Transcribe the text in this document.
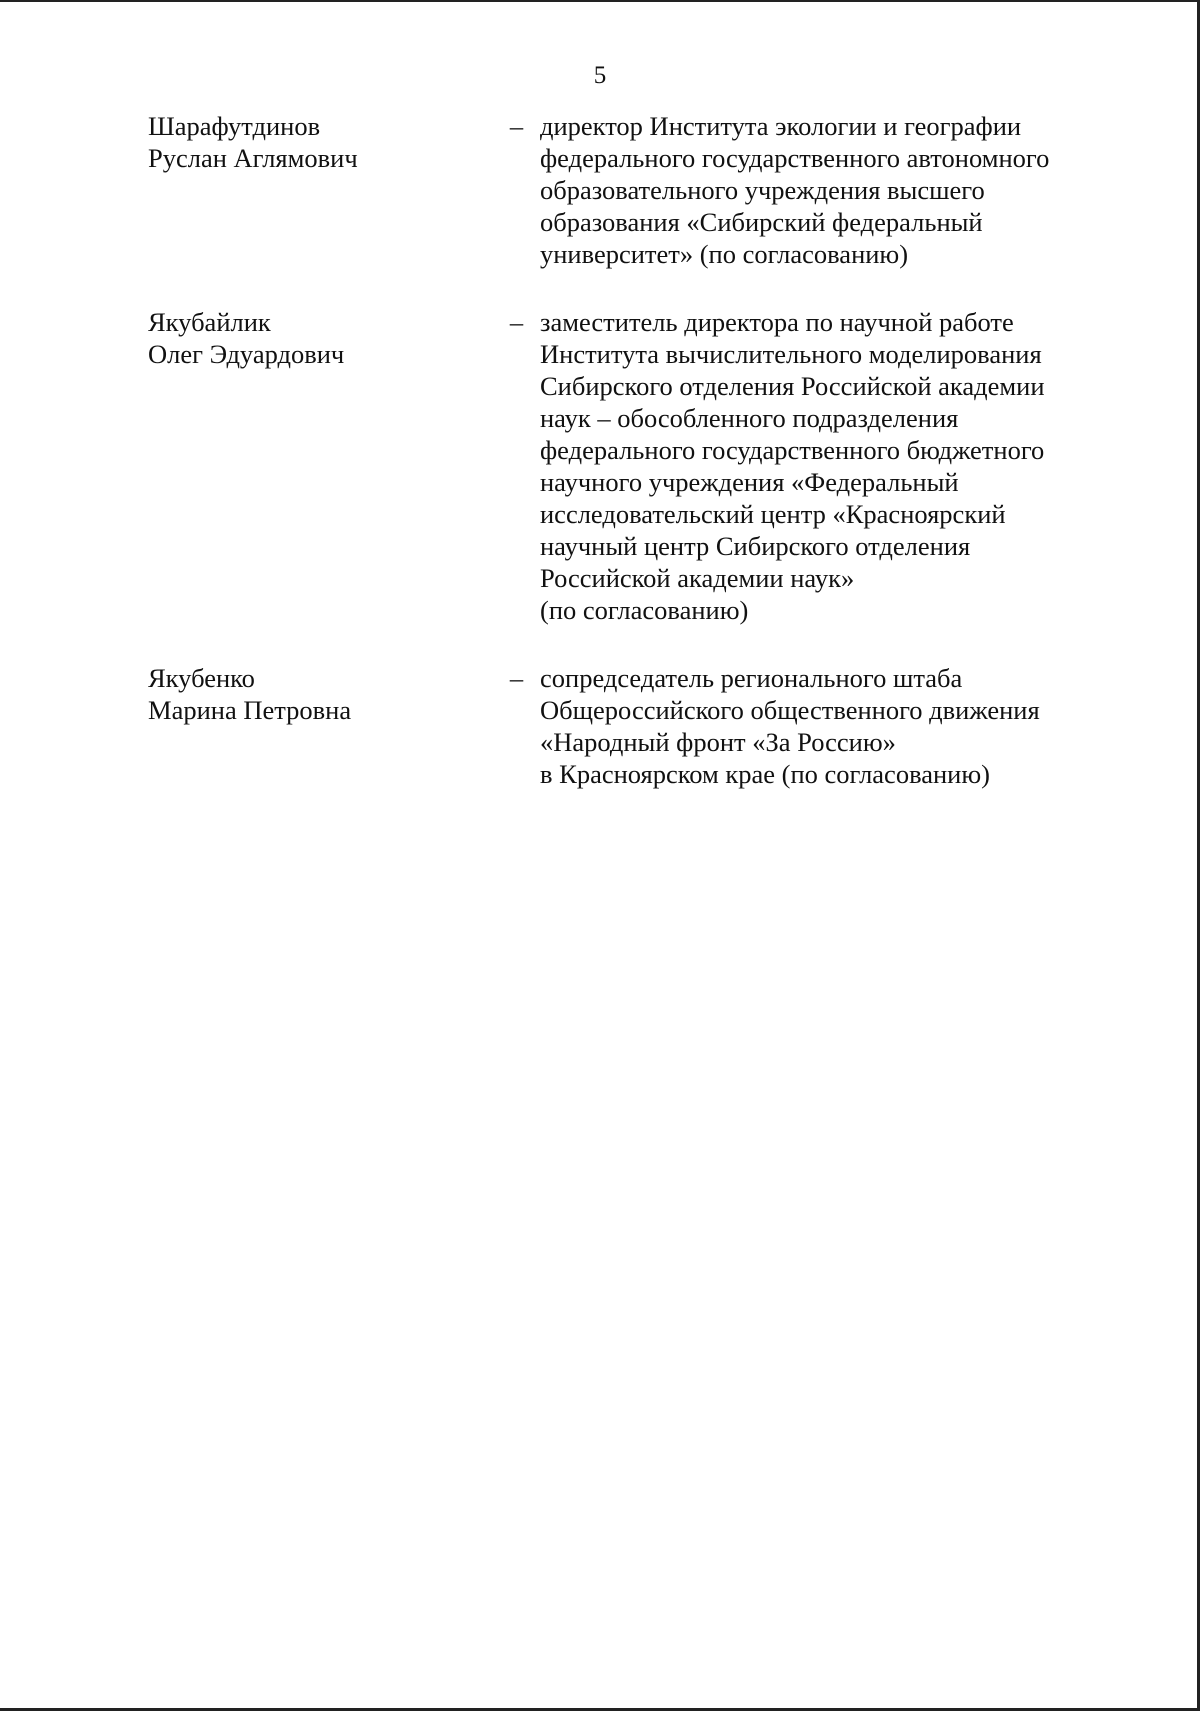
5
Шарафутдинов
Руслан Аглямович
– директор Института экологии и географии
федерального государственного автономного
образовательного учреждения высшего
образования «Сибирский федеральный
университет» (по согласованию)
Якубайлик
Олег Эдуардович
– заместитель директора по научной работе
Института вычислительного моделирования
Сибирского отделения Российской академии
наук – обособленного подразделения
федерального государственного бюджетного
научного учреждения «Федеральный
исследовательский центр «Красноярский
научный центр Сибирского отделения
Российской академии наук»
(по согласованию)
Якубенко
Марина Петровна
– сопредседатель регионального штаба
Общероссийского общественного движения
«Народный фронт «За Россию»
в Красноярском крае (по согласованию)
